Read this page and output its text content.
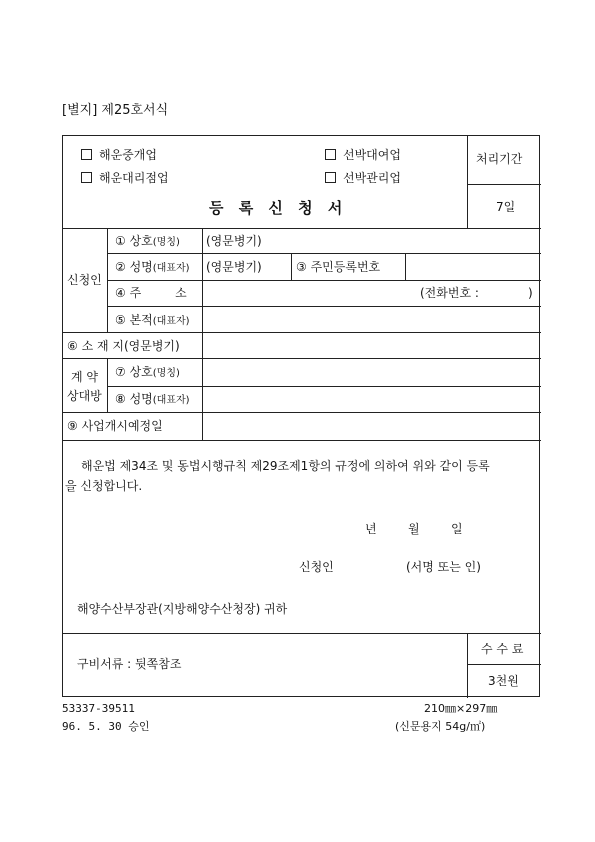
[별지] 제25호서식
해운중개업
해운대리점업
선박대여업
선박관리업
등 록 신 청 서
처리기간
7일
신청인
① 상호(명칭) (영문병기)
② 성명(대표자) (영문병기)	③ 주민등록번호
④ 주	소	(전화번호 :	)
⑤ 본적(대표자)
⑥ 소 재 지(영문병기)
계 약
상대방
⑦ 상호(명칭)
⑧ 성명(대표자)
⑨ 사업개시예정일
해운법 제34조 및 동법시행규칙 제29조제1항의 규정에 의하여 위와 같이 등록
을 신청합니다.
년	월	일
신청인	(서명 또는 인)
해양수산부장관(지방해양수산청장) 귀하
구비서류 : 뒷쪽참조
수 수 료
3천원
53337-39511
96. 5. 30 승인
210㎜×297㎜
(신문용지 54g/㎡)
